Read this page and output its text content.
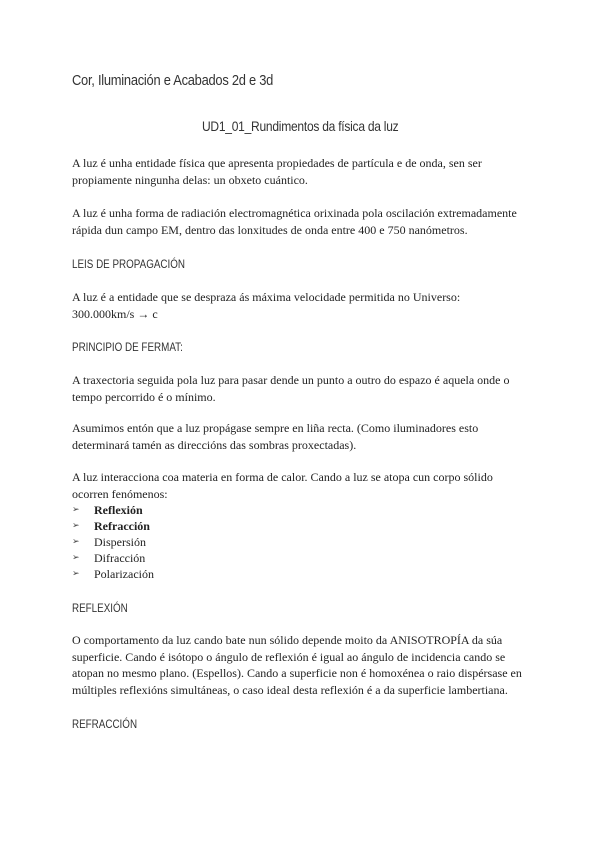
Cor, Iluminación e Acabados 2d e 3d
UD1_01_Rundimentos da física da luz
A luz é unha entidade física que apresenta propiedades de partícula e de onda, sen ser propiamente ningunha delas: un obxeto cuántico.
A luz é unha forma de radiación electromagnética orixinada pola oscilación extremadamente rápida dun campo EM, dentro das lonxitudes de onda entre 400 e 750 nanómetros.
LEIS DE PROPAGACIÓN
A luz é a entidade que se despraza ás máxima velocidade permitida no Universo:
300.000km/s → c
PRINCIPIO DE FERMAT:
A traxectoria seguida pola luz para pasar dende un punto a outro do espazo é aquela onde o tempo percorrido é o mínimo.
Asumimos entón que a luz propágase sempre en liña recta. (Como iluminadores esto determinará tamén as direccións das sombras proxectadas).
A luz interacciona coa materia en forma de calor. Cando a luz se atopa cun corpo sólido ocorren fenómenos:
➢	Reflexión
➢	Refracción
➢	Dispersión
➢	Difracción
➢	Polarización
REFLEXIÓN
O comportamento da luz cando bate nun sólido depende moito da ANISOTROPÍA da súa superficie. Cando é isótopo o ángulo de reflexión é igual ao ángulo de incidencia cando se atopan no mesmo plano. (Espellos). Cando a superficie non é homoxénea o raio dispérsase en múltiples reflexións simultáneas, o caso ideal desta reflexión é a da superficie lambertiana.
REFRACCIÓN
